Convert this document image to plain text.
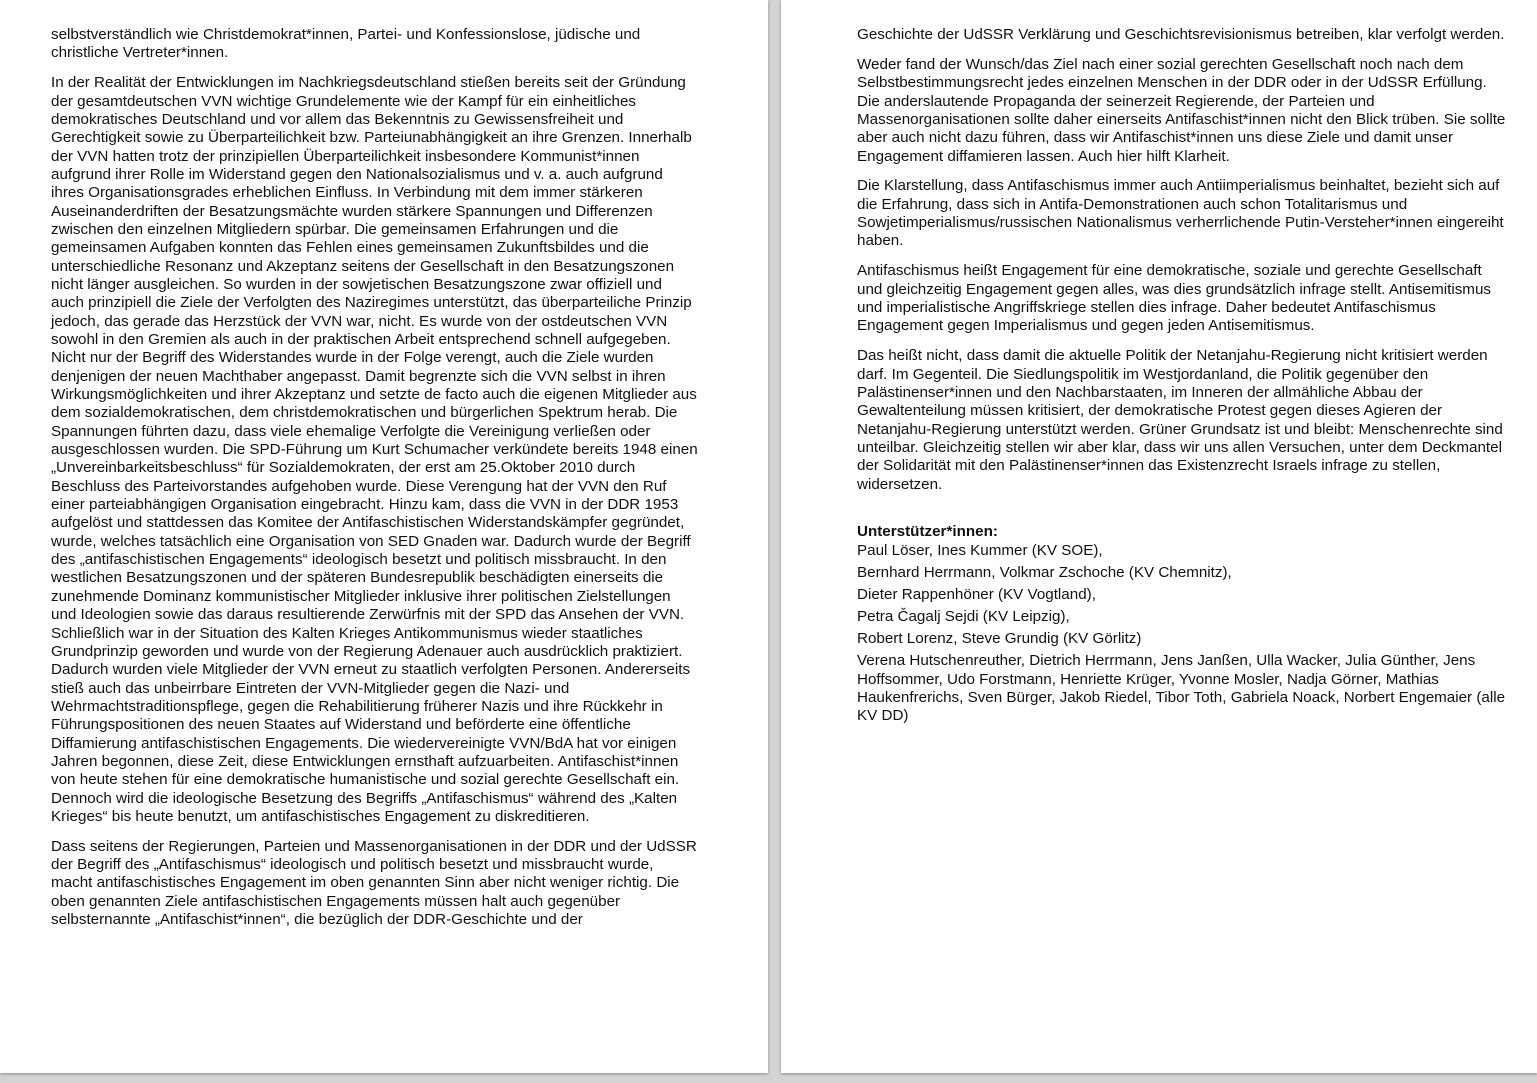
selbstverständlich wie Christdemokrat*innen, Partei- und Konfessionslose, jüdische und christliche Vertreter*innen.

In der Realität der Entwicklungen im Nachkriegsdeutschland stießen bereits seit der Gründung der gesamtdeutschen VVN wichtige Grundelemente wie der Kampf für ein einheitliches demokratisches Deutschland und vor allem das Bekenntnis zu Gewissensfreiheit und Gerechtigkeit sowie zu Überparteilichkeit bzw. Parteiunabhängigkeit an ihre Grenzen. Innerhalb der VVN hatten trotz der prinzipiellen Überparteilichkeit insbesondere Kommunist*innen aufgrund ihrer Rolle im Widerstand gegen den Nationalsozialismus und v. a. auch aufgrund ihres Organisationsgrades erheblichen Einfluss. In Verbindung mit dem immer stärkeren Auseinanderdriften der Besatzungsmächte wurden stärkere Spannungen und Differenzen zwischen den einzelnen Mitgliedern spürbar. Die gemeinsamen Erfahrungen und die gemeinsamen Aufgaben konnten das Fehlen eines gemeinsamen Zukunftsbildes und die unterschiedliche Resonanz und Akzeptanz seitens der Gesellschaft in den Besatzungszonen nicht länger ausgleichen. So wurden in der sowjetischen Besatzungszone zwar offiziell und auch prinzipiell die Ziele der Verfolgten des Naziregimes unterstützt, das überparteiliche Prinzip jedoch, das gerade das Herzstück der VVN war, nicht. Es wurde von der ostdeutschen VVN sowohl in den Gremien als auch in der praktischen Arbeit entsprechend schnell aufgegeben. Nicht nur der Begriff des Widerstandes wurde in der Folge verengt, auch die Ziele wurden denjenigen der neuen Machthaber angepasst. Damit begrenzte sich die VVN selbst in ihren Wirkungsmöglichkeiten und ihrer Akzeptanz und setzte de facto auch die eigenen Mitglieder aus dem sozialdemokratischen, dem christdemokratischen und bürgerlichen Spektrum herab. Die Spannungen führten dazu, dass viele ehemalige Verfolgte die Vereinigung verließen oder ausgeschlossen wurden. Die SPD-Führung um Kurt Schumacher verkündete bereits 1948 einen „Unvereinbarkeitsbeschluss“ für Sozialdemokraten, der erst am 25.Oktober 2010 durch Beschluss des Parteivorstandes aufgehoben wurde. Diese Verengung hat der VVN den Ruf einer parteiabhängigen Organisation eingebracht. Hinzu kam, dass die VVN in der DDR 1953 aufgelöst und stattdessen das Komitee der Antifaschistischen Widerstandskämpfer gegründet, wurde, welches tatsächlich eine Organisation von SED Gnaden war. Dadurch wurde der Begriff des „antifaschistischen Engagements“ ideologisch besetzt und politisch missbraucht. In den westlichen Besatzungszonen und der späteren Bundesrepublik beschädigten einerseits die zunehmende Dominanz kommunistischer Mitglieder inklusive ihrer politischen Zielstellungen und Ideologien sowie das daraus resultierende Zerwürfnis mit der SPD das Ansehen der VVN. Schließlich war in der Situation des Kalten Krieges Antikommunismus wieder staatliches Grundprinzip geworden und wurde von der Regierung Adenauer auch ausdrücklich praktiziert. Dadurch wurden viele Mitglieder der VVN erneut zu staatlich verfolgten Personen. Andererseits stieß auch das unbeirrbare Eintreten der VVN-Mitglieder gegen die Nazi- und Wehrmachtstraditionspflege, gegen die Rehabilitierung früherer Nazis und ihre Rückkehr in Führungspositionen des neuen Staates auf Widerstand und beförderte eine öffentliche Diffamierung antifaschistischen Engagements. Die wiedervereinigte VVN/BdA hat vor einigen Jahren begonnen, diese Zeit, diese Entwicklungen ernsthaft aufzuarbeiten. Antifaschist*innen von heute stehen für eine demokratische humanistische und sozial gerechte Gesellschaft ein. Dennoch wird die ideologische Besetzung des Begriffs „Antifaschismus“ während des „Kalten Krieges“ bis heute benutzt, um antifaschistisches Engagement zu diskreditieren.

Dass seitens der Regierungen, Parteien und Massenorganisationen in der DDR und der UdSSR der Begriff des „Antifaschismus“ ideologisch und politisch besetzt und missbraucht wurde, macht antifaschistisches Engagement im oben genannten Sinn aber nicht weniger richtig. Die oben genannten Ziele antifaschistischen Engagements müssen halt auch gegenüber selbsternannte „Antifaschist*innen“, die bezüglich der DDR-Geschichte und der

Geschichte der UdSSR Verklärung und Geschichtsrevisionismus betreiben, klar verfolgt werden.

Weder fand der Wunsch/das Ziel nach einer sozial gerechten Gesellschaft noch nach dem Selbstbestimmungsrecht jedes einzelnen Menschen in der DDR oder in der UdSSR Erfüllung. Die anderslautende Propaganda der seinerzeit Regierende, der Parteien und Massenorganisationen sollte daher einerseits Antifaschist*innen nicht den Blick trüben. Sie sollte aber auch nicht dazu führen, dass wir Antifaschist*innen uns diese Ziele und damit unser Engagement diffamieren lassen. Auch hier hilft Klarheit.

Die Klarstellung, dass Antifaschismus immer auch Antiimperialismus beinhaltet, bezieht sich auf die Erfahrung, dass sich in Antifa-Demonstrationen auch schon Totalitarismus und Sowjetimperialismus/russischen Nationalismus verherrlichende Putin-Versteher*innen eingereiht haben.

Antifaschismus heißt Engagement für eine demokratische, soziale und gerechte Gesellschaft und gleichzeitig Engagement gegen alles, was dies grundsätzlich infrage stellt. Antisemitismus und imperialistische Angriffskriege stellen dies infrage. Daher bedeutet Antifaschismus Engagement gegen Imperialismus und gegen jeden Antisemitismus.

Das heißt nicht, dass damit die aktuelle Politik der Netanjahu-Regierung nicht kritisiert werden darf. Im Gegenteil. Die Siedlungspolitik im Westjordanland, die Politik gegenüber den Palästinenser*innen und den Nachbarstaaten, im Inneren der allmähliche Abbau der Gewaltenteilung müssen kritisiert, der demokratische Protest gegen dieses Agieren der Netanjahu-Regierung unterstützt werden. Grüner Grundsatz ist und bleibt: Menschenrechte sind unteilbar. Gleichzeitig stellen wir aber klar, dass wir uns allen Versuchen, unter dem Deckmantel der Solidarität mit den Palästinenser*innen das Existenzrecht Israels infrage zu stellen, widersetzen.

Unterstützer*innen:

Paul Löser, Ines Kummer (KV SOE),

Bernhard Herrmann, Volkmar Zschoche (KV Chemnitz),

Dieter Rappenhöner (KV Vogtland),

Petra Čagalj Sejdi (KV Leipzig),

Robert Lorenz, Steve Grundig (KV Görlitz)

Verena Hutschenreuther, Dietrich Herrmann, Jens Janßen, Ulla Wacker, Julia Günther, Jens Hoffsommer, Udo Forstmann, Henriette Krüger, Yvonne Mosler, Nadja Görner, Mathias Haukenfrerichs, Sven Bürger, Jakob Riedel, Tibor Toth, Gabriela Noack, Norbert Engemaier (alle KV DD)
